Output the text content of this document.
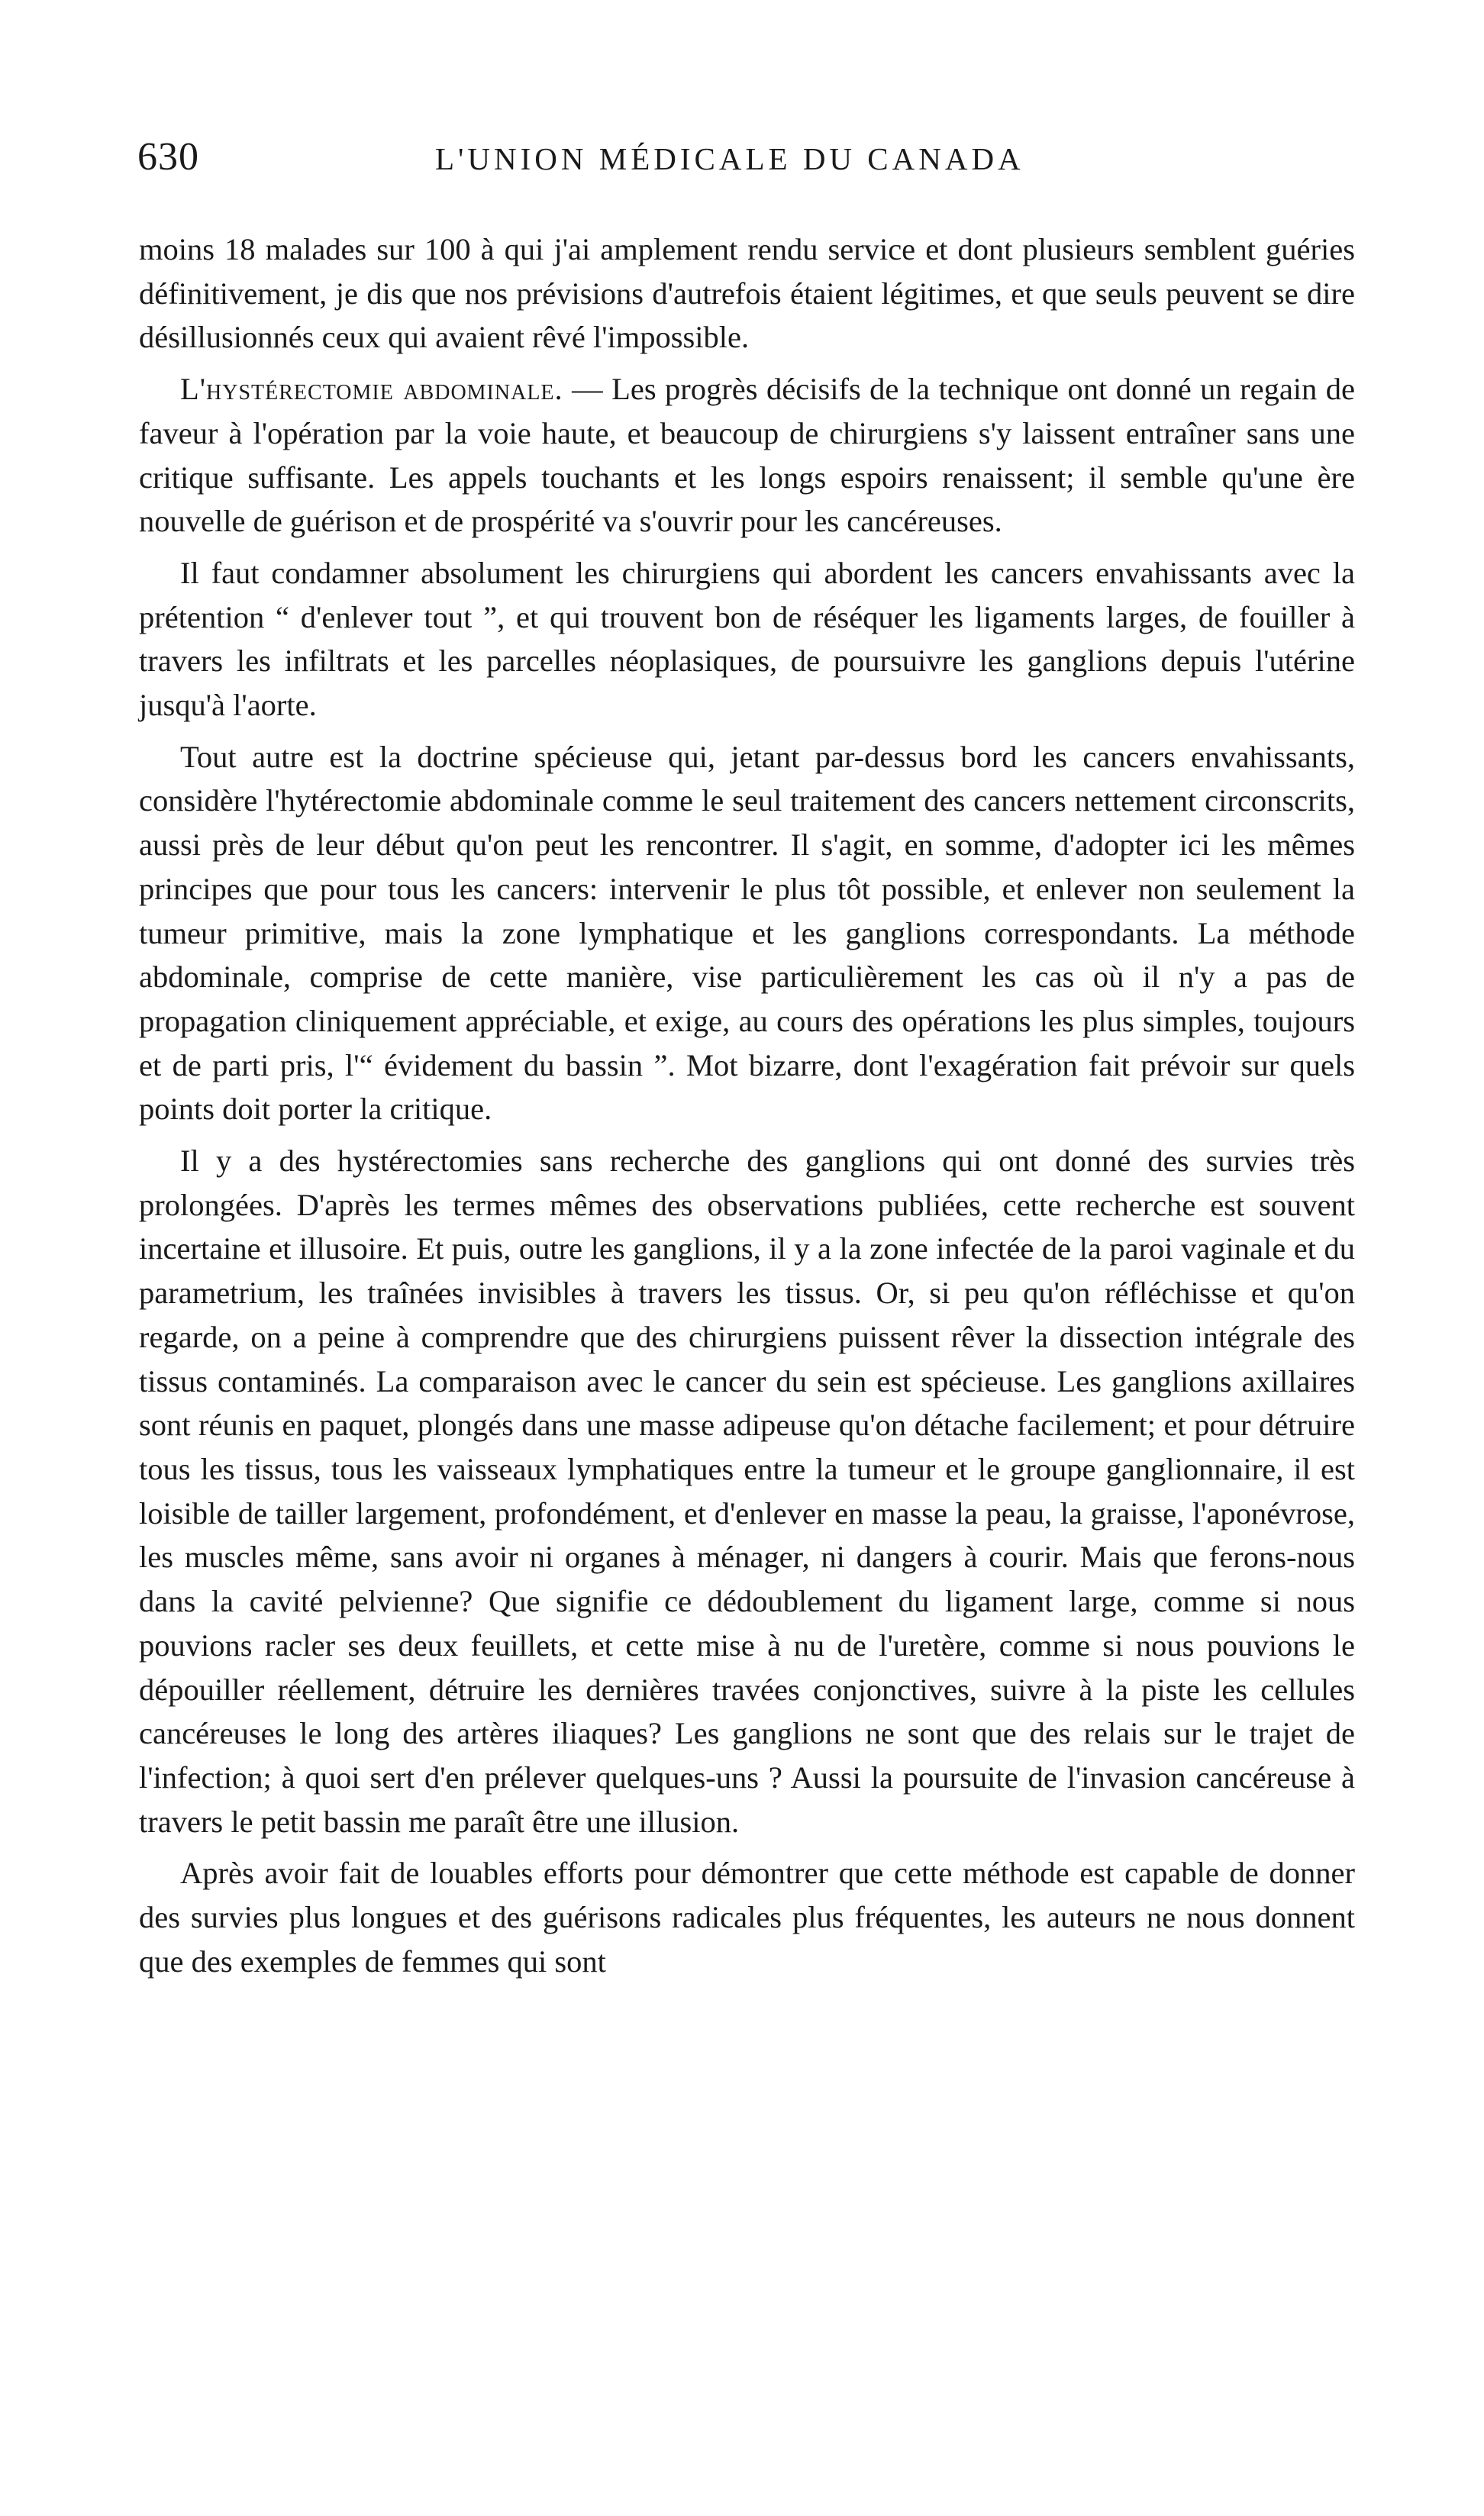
630	L'UNION MÉDICALE DU CANADA

moins 18 malades sur 100 à qui j'ai amplement rendu service et dont plusieurs semblent guéries définitivement, je dis que nos prévisions d'autrefois étaient légitimes, et que seuls peuvent se dire désillusionnés ceux qui avaient rêvé l'impossible.

L'hystérectomie abdominale. — Les progrès décisifs de la technique ont donné un regain de faveur à l'opération par la voie haute, et beaucoup de chirurgiens s'y laissent entraîner sans une critique suffisante. Les appels touchants et les longs espoirs renaissent; il semble qu'une ère nouvelle de guérison et de prospérité va s'ouvrir pour les cancéreuses.

Il faut condamner absolument les chirurgiens qui abordent les cancers envahissants avec la prétention “ d'enlever tout ”, et qui trouvent bon de réséquer les ligaments larges, de fouiller à travers les infiltrats et les parcelles néoplasiques, de poursuivre les ganglions depuis l'utérine jusqu'à l'aorte.

Tout autre est la doctrine spécieuse qui, jetant par-dessus bord les cancers envahissants, considère l'hytérectomie abdominale comme le seul traitement des cancers nettement circonscrits, aussi près de leur début qu'on peut les rencontrer. Il s'agit, en somme, d'adopter ici les mêmes principes que pour tous les cancers: intervenir le plus tôt possible, et enlever non seulement la tumeur primitive, mais la zone lymphatique et les ganglions correspondants. La méthode abdominale, comprise de cette manière, vise particulièrement les cas où il n'y a pas de propagation cliniquement appréciable, et exige, au cours des opérations les plus simples, toujours et de parti pris, l'“ évidement du bassin ”. Mot bizarre, dont l'exagération fait prévoir sur quels points doit porter la critique.

Il y a des hystérectomies sans recherche des ganglions qui ont donné des survies très prolongées. D'après les termes mêmes des observations publiées, cette recherche est souvent incertaine et illusoire. Et puis, outre les ganglions, il y a la zone infectée de la paroi vaginale et du parametrium, les traînées invisibles à travers les tissus. Or, si peu qu'on réfléchisse et qu'on regarde, on a peine à comprendre que des chirurgiens puissent rêver la dissection intégrale des tissus contaminés. La comparaison avec le cancer du sein est spécieuse. Les ganglions axillaires sont réunis en paquet, plongés dans une masse adipeuse qu'on détache facilement; et pour détruire tous les tissus, tous les vaisseaux lymphatiques entre la tumeur et le groupe ganglionnaire, il est loisible de tailler largement, profondément, et d'enlever en masse la peau, la graisse, l'aponévrose, les muscles même, sans avoir ni organes à ménager, ni dangers à courir. Mais que ferons-nous dans la cavité pelvienne? Que signifie ce dédoublement du ligament large, comme si nous pouvions racler ses deux feuillets, et cette mise à nu de l'uretère, comme si nous pouvions le dépouiller réellement, détruire les dernières travées conjonctives, suivre à la piste les cellules cancéreuses le long des artères iliaques? Les ganglions ne sont que des relais sur le trajet de l'infection; à quoi sert d'en prélever quelques-uns ? Aussi la poursuite de l'invasion cancéreuse à travers le petit bassin me paraît être une illusion.

Après avoir fait de louables efforts pour démontrer que cette méthode est capable de donner des survies plus longues et des guérisons radicales plus fréquentes, les auteurs ne nous donnent que des exemples de femmes qui sont
